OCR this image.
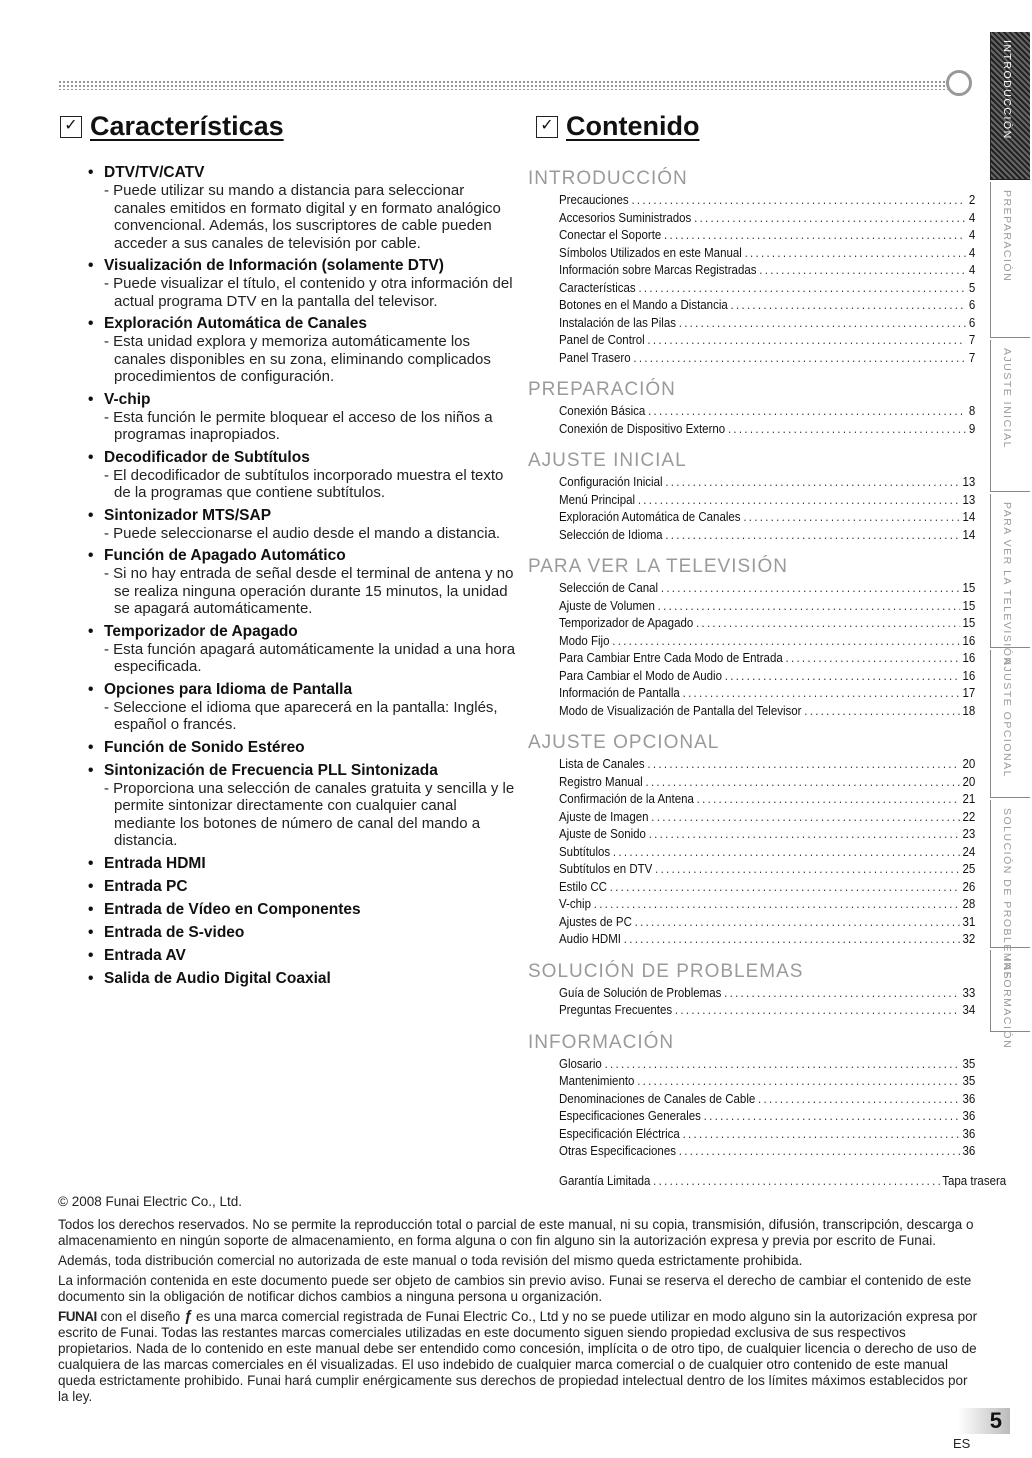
✓ Características	✓ Contenido
• DTV/TV/CATV
- Puede utilizar su mando a distancia para seleccionar canales emitidos en formato digital y en formato analógico convencional. Además, los suscriptores de cable pueden acceder a sus canales de televisión por cable.
• Visualización de Información (solamente DTV)
- Puede visualizar el título, el contenido y otra información del actual programa DTV en la pantalla del televisor.
• Exploración Automática de Canales
- Esta unidad explora y memoriza automáticamente los canales disponibles en su zona, eliminando complicados procedimientos de configuración.
• V-chip
- Esta función le permite bloquear el acceso de los niños a programas inapropiados.
• Decodificador de Subtítulos
- El decodificador de subtítulos incorporado muestra el texto de la programas que contiene subtítulos.
• Sintonizador MTS/SAP
- Puede seleccionarse el audio desde el mando a distancia.
• Función de Apagado Automático
- Si no hay entrada de señal desde el terminal de antena y no se realiza ninguna operación durante 15 minutos, la unidad se apagará automáticamente.
• Temporizador de Apagado
- Esta función apagará automáticamente la unidad a una hora especificada.
• Opciones para Idioma de Pantalla
- Seleccione el idioma que aparecerá en la pantalla: Inglés, español o francés.
• Función de Sonido Estéreo
• Sintonización de Frecuencia PLL Sintonizada
- Proporciona una selección de canales gratuita y sencilla y le permite sintonizar directamente con cualquier canal mediante los botones de número de canal del mando a distancia.
• Entrada HDMI
• Entrada PC
• Entrada de Vídeo en Componentes
• Entrada de S-video
• Entrada AV
• Salida de Audio Digital Coaxial
INTRODUCCIÓN
Precauciones . . .	2
Accesorios Suministrados . . .	4
Conectar el Soporte . . .	4
Símbolos Utilizados en este Manual . . .	4
Información sobre Marcas Registradas . . .	4
Características . . .	5
Botones en el Mando a Distancia . . .	6
Instalación de las Pilas . . .	6
Panel de Control . . .	7
Panel Trasero . . .	7
PREPARACIÓN
Conexión Básica . . .	8
Conexión de Dispositivo Externo . . .	9
AJUSTE INICIAL
Configuración Inicial . . .	13
Menú Principal . . .	13
Exploración Automática de Canales . . .	14
Selección de Idioma . . .	14
PARA VER LA TELEVISIÓN
Selección de Canal . . .	15
Ajuste de Volumen . . .	15
Temporizador de Apagado . . .	15
Modo Fijo . . .	16
Para Cambiar Entre Cada Modo de Entrada . . .	16
Para Cambiar el Modo de Audio . . .	16
Información de Pantalla . . .	17
Modo de Visualización de Pantalla del Televisor . . .	18
AJUSTE OPCIONAL
Lista de Canales . . .	20
Registro Manual . . .	20
Confirmación de la Antena . . .	21
Ajuste de Imagen . . .	22
Ajuste de Sonido . . .	23
Subtítulos . . .	24
Subtítulos en DTV . . .	25
Estilo CC . . .	26
V-chip . . .	28
Ajustes de PC . . .	31
Audio HDMI . . .	32
SOLUCIÓN DE PROBLEMAS
Guía de Solución de Problemas . . .	33
Preguntas Frecuentes . . .	34
INFORMACIÓN
Glosario . . .	35
Mantenimiento . . .	35
Denominaciones de Canales de Cable . . .	36
Especificaciones Generales . . .	36
Especificación Eléctrica . . .	36
Otras Especificaciones . . .	36
Garantía Limitada . . .	Tapa trasera
INTRODUCCIÓN
PREPARACIÓN
AJUSTE INICIAL
PARA VER LA TELEVISIÓN
AJUSTE OPCIONAL
SOLUCIÓN DE PROBLEMAS
INFORMACIÓN
© 2008 Funai Electric Co., Ltd.

Todos los derechos reservados. No se permite la reproducción total o parcial de este manual, ni su copia, transmisión, difusión, transcripción, descarga o almacenamiento en ningún soporte de almacenamiento, en forma alguna o con fin alguno sin la autorización expresa y previa por escrito de Funai.

Además, toda distribución comercial no autorizada de este manual o toda revisión del mismo queda estrictamente prohibida.

La información contenida en este documento puede ser objeto de cambios sin previo aviso. Funai se reserva el derecho de cambiar el contenido de este documento sin la obligación de notificar dichos cambios a ninguna persona u organización.

FUNAI con el diseño ƒ es una marca comercial registrada de Funai Electric Co., Ltd y no se puede utilizar en modo alguno sin la autorización expresa por escrito de Funai. Todas las restantes marcas comerciales utilizadas en este documento siguen siendo propiedad exclusiva de sus respectivos propietarios. Nada de lo contenido en este manual debe ser entendido como concesión, implícita o de otro tipo, de cualquier licencia o derecho de uso de cualquiera de las marcas comerciales en él visualizadas. El uso indebido de cualquier marca comercial o de cualquier otro contenido de este manual queda estrictamente prohibido. Funai hará cumplir enérgicamente sus derechos de propiedad intelectual dentro de los límites máximos establecidos por la ley.

5
ES
